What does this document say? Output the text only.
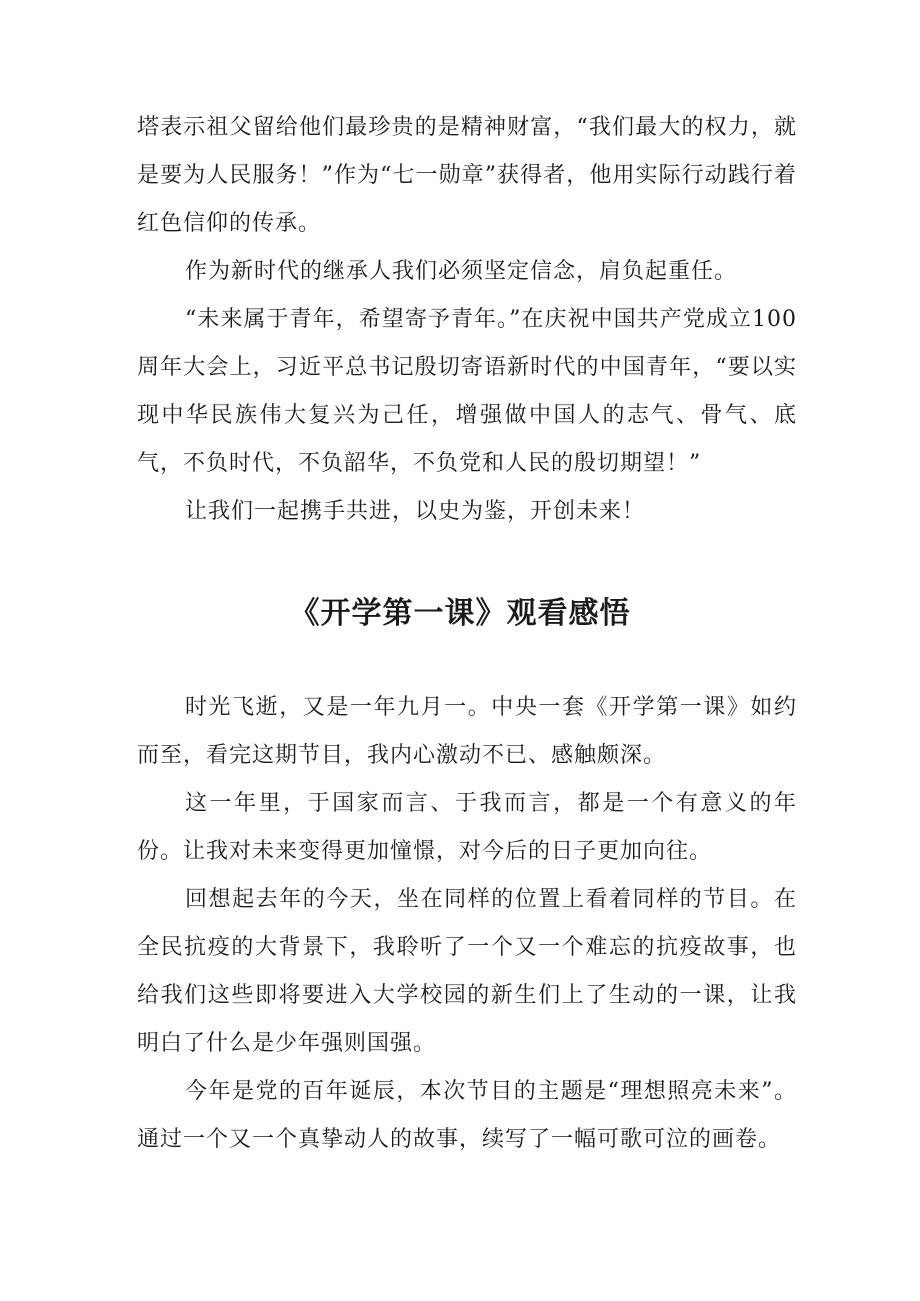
塔表示祖父留给他们最珍贵的是精神财富，“我们最大的权力，就是要为人民服务！”作为“七一勋章”获得者，他用实际行动践行着红色信仰的传承。

作为新时代的继承人我们必须坚定信念，肩负起重任。

“未来属于青年，希望寄予青年。”在庆祝中国共产党成立100周年大会上，习近平总书记殷切寄语新时代的中国青年，“要以实现中华民族伟大复兴为己任，增强做中国人的志气、骨气、底气，不负时代，不负韶华，不负党和人民的殷切期望！”

让我们一起携手共进，以史为鉴，开创未来！

《开学第一课》观看感悟

时光飞逝，又是一年九月一。中央一套《开学第一课》如约而至，看完这期节目，我内心激动不已、感触颇深。

这一年里，于国家而言、于我而言，都是一个有意义的年份。让我对未来变得更加憧憬，对今后的日子更加向往。

回想起去年的今天，坐在同样的位置上看着同样的节目。在全民抗疫的大背景下，我聆听了一个又一个难忘的抗疫故事，也给我们这些即将要进入大学校园的新生们上了生动的一课，让我明白了什么是少年强则国强。

今年是党的百年诞辰，本次节目的主题是“理想照亮未来”。通过一个又一个真挚动人的故事，续写了一幅可歌可泣的画卷。
